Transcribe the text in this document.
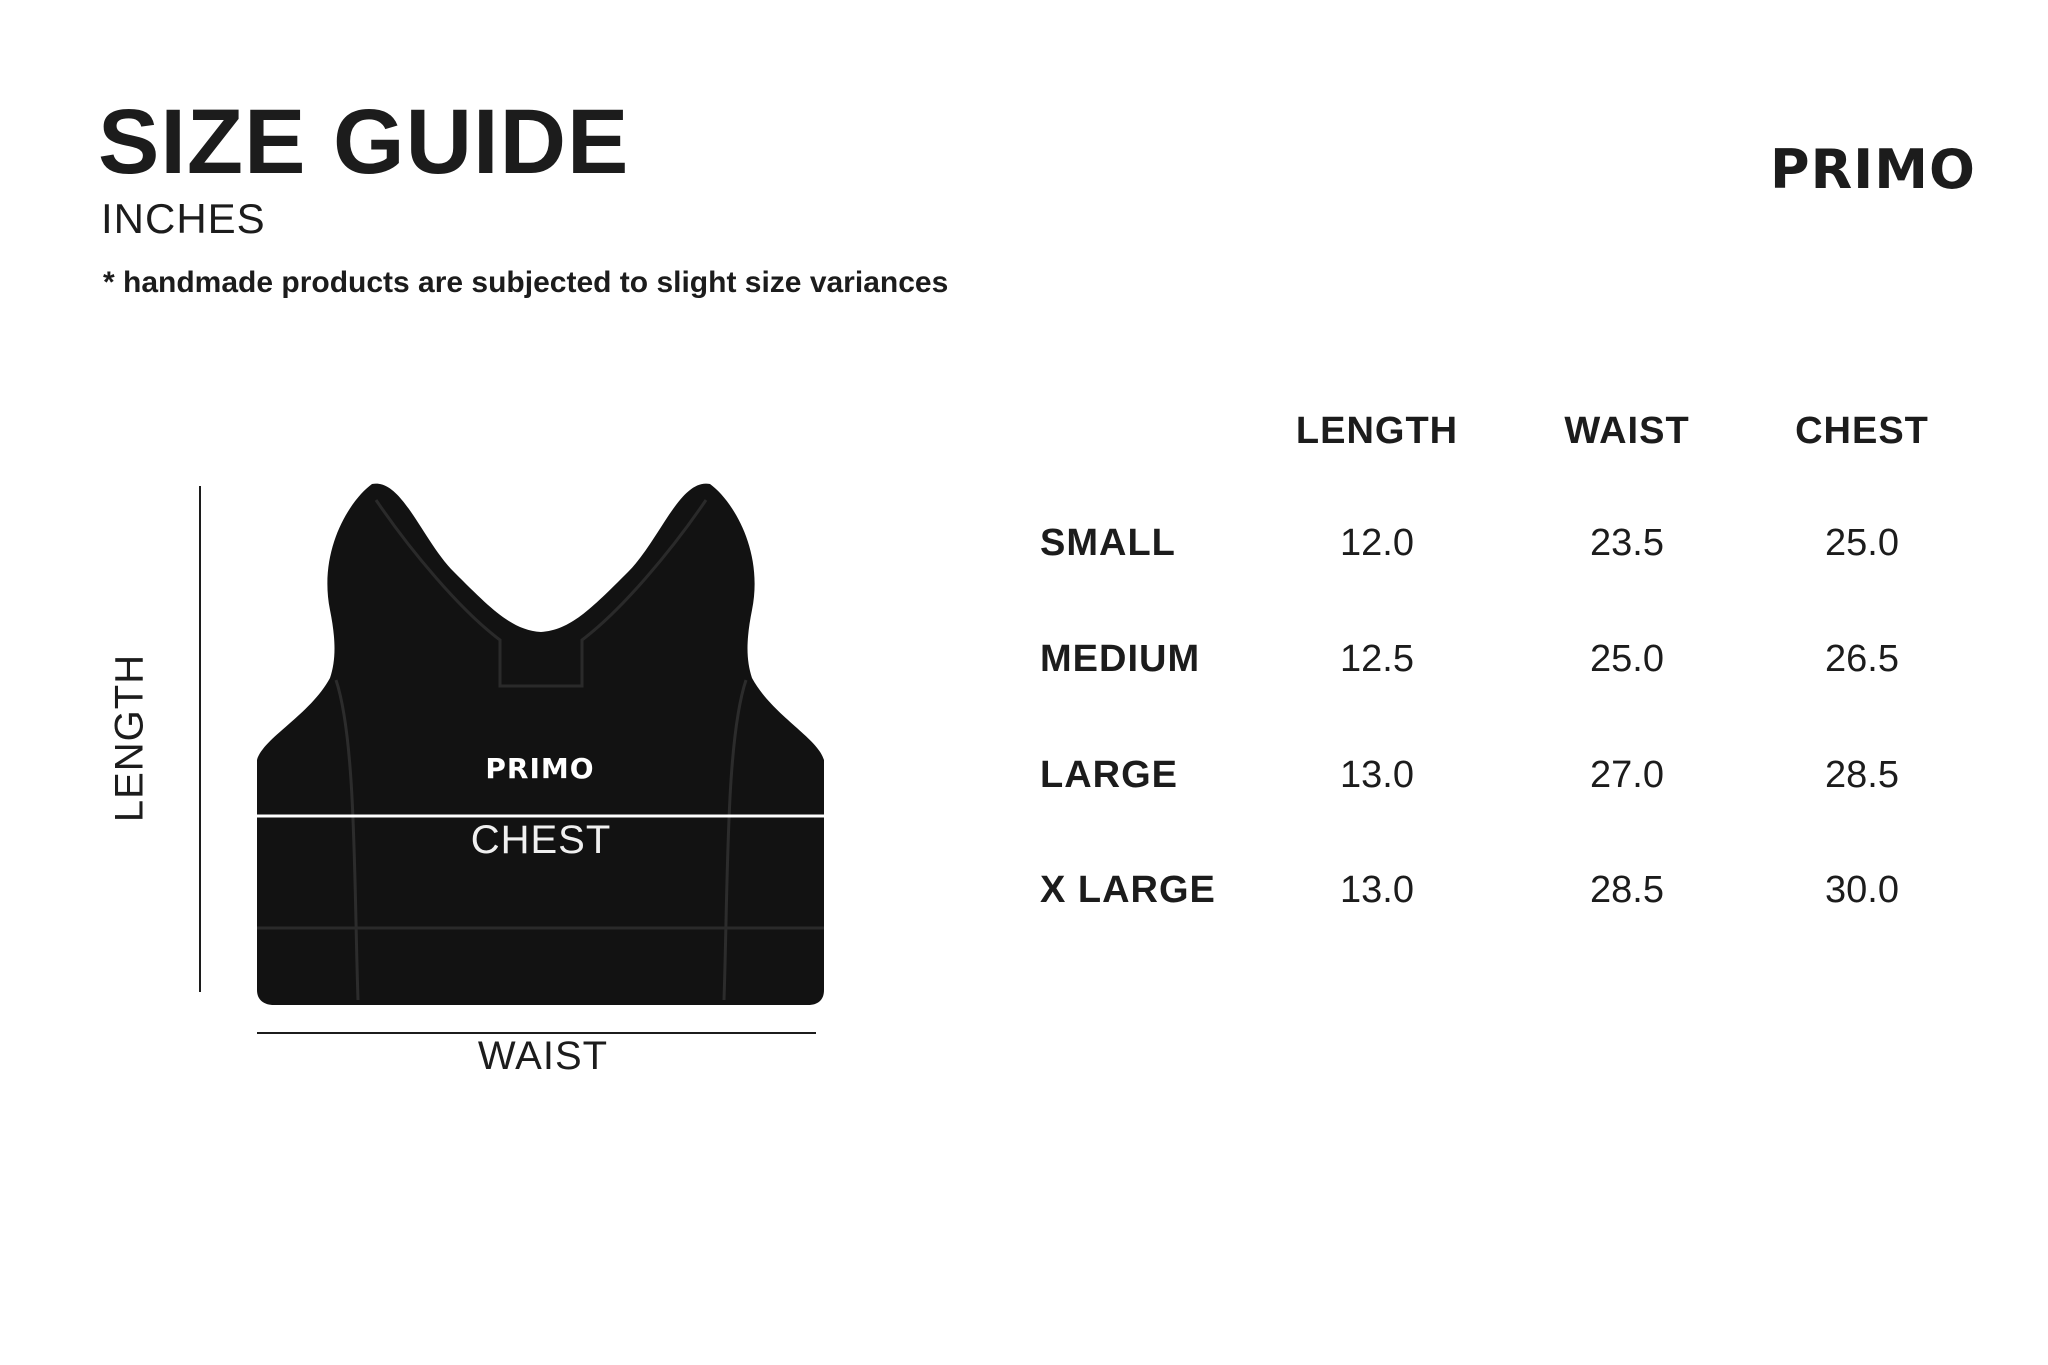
SIZE GUIDE
INCHES
* handmade products are subjected to slight size variances
PRIMO
PRIMO
CHEST
LENGTH
WAIST
LENGTH	WAIST	CHEST
SMALL	12.0	23.5	25.0
MEDIUM	12.5	25.0	26.5
LARGE	13.0	27.0	28.5
X LARGE	13.0	28.5	30.0
